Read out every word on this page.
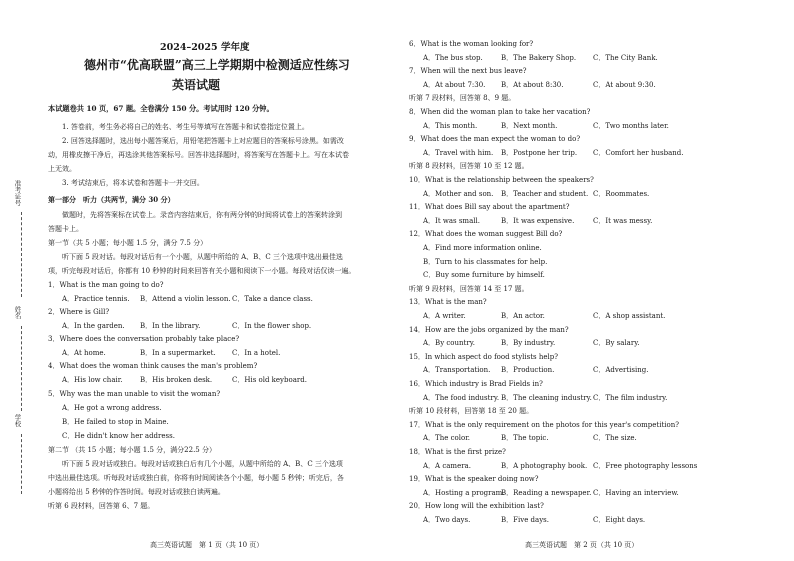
准考证号
姓名
学校
2024–2025 学年度
德州市“优高联盟”高三上学期期中检测适应性练习
英语试题
本试题卷共 10 页，67 题。全卷满分 150 分。考试用时 120 分钟。
1. 答卷前，考生务必将自己的姓名、考生号等填写在答题卡和试卷指定位置上。
2. 回答选择题时，选出每小题答案后，用铅笔把答题卡上对应题目的答案标号涂黑。如需改
动，用橡皮擦干净后，再选涂其他答案标号。回答非选择题时，将答案写在答题卡上。写在本试卷
上无效。
3. 考试结束后，将本试卷和答题卡一并交回。
第一部分　听力（共两节，满分 30 分）
做题时，先将答案标在试卷上。录音内容结束后，你有两分钟的时间将试卷上的答案转涂到
答题卡上。
第一节（共 5 小题；每小题 1.5 分，满分 7.5 分）
听下面 5 段对话。每段对话后有一个小题，从题中所给的 A、B、C 三个选项中选出最佳选
项，听完每段对话后，你都有 10 秒钟的时间来回答有关小题和阅读下一小题。每段对话仅读一遍。
1．What is the man going to do?
A．Practice tennis. B．Attend a violin lesson. C．Take a dance class.
2．Where is Gill?
A．In the garden. B．In the library.	C．In the flower shop.
3．Where does the conversation probably take place?
A．At home.	B．In a supermarket. C．In a hotel.
4．What does the woman think causes the man's problem?
A．His low chair. B．His broken desk.	C．His old keyboard.
5．Why was the man unable to visit the woman?
A．He got a wrong address.
B．He failed to stop in Maine.
C．He didn't know her address.
第二节 （共 15 小题；每小题 1.5 分，满分22.5 分）
听下面 5 段对话或独白。每段对话或独白后有几个小题，从题中所给的 A、B、C 三个选项
中选出最佳选项。听每段对话或独白前，你将有时间阅读各个小题，每小题 5 秒钟；听完后，各
小题将给出 5 秒钟的作答时间。每段对话或独白读两遍。
听第 6 段材料，回答第 6、7 题。
高三英语试题　第 1 页（共 10 页）
6．What is the woman looking for?
A．The bus stop.	B．The Bakery Shop. C．The City Bank.
7．When will the next bus leave?
A．At about 7:30. B．At about 8:30.	C．At about 9:30.
听第 7 段材料，回答第 8、9 题。
8．When did the woman plan to take her vacation?
A．This month.	B．Next month.	C．Two months later.
9．What does the man expect the woman to do?
A．Travel with him. B．Postpone her trip. C．Comfort her husband.
听第 8 段材料，回答第 10 至 12 题。
10．What is the relationship between the speakers?
A．Mother and son. B．Teacher and student. C．Roommates.
11．What does Bill say about the apartment?
A．It was small.	B．It was expensive.	C．It was messy.
12．What does the woman suggest Bill do?
A．Find more information online.
B．Turn to his classmates for help.
C．Buy some furniture by himself.
听第 9 段材料，回答第 14 至 17 题。
13．What is the man?
A．A writer.	B．An actor.	C．A shop assistant.
14．How are the jobs organized by the man?
A．By country.	B．By industry.	C．By salary.
15．In which aspect do food stylists help?
A．Transportation. B．Production.	C．Advertising.
16．Which industry is Brad Fields in?
A．The food industry. B．The cleaning industry. C．The film industry.
听第 10 段材料，回答第 18 至 20 题。
17．What is the only requirement on the photos for this year's competition?
A．The color.	B．The topic.	C．The size.
18．What is the first prize?
A．A camera.	B．A photography book. C．Free photography lessons
19．What is the speaker doing now?
A．Hosting a program.
B．Reading a newspaper. C．Having an interview.
20．How long will the exhibition last?
A．Two days.	B．Five days.	C．Eight days.
高三英语试题　第 2 页（共 10 页）
